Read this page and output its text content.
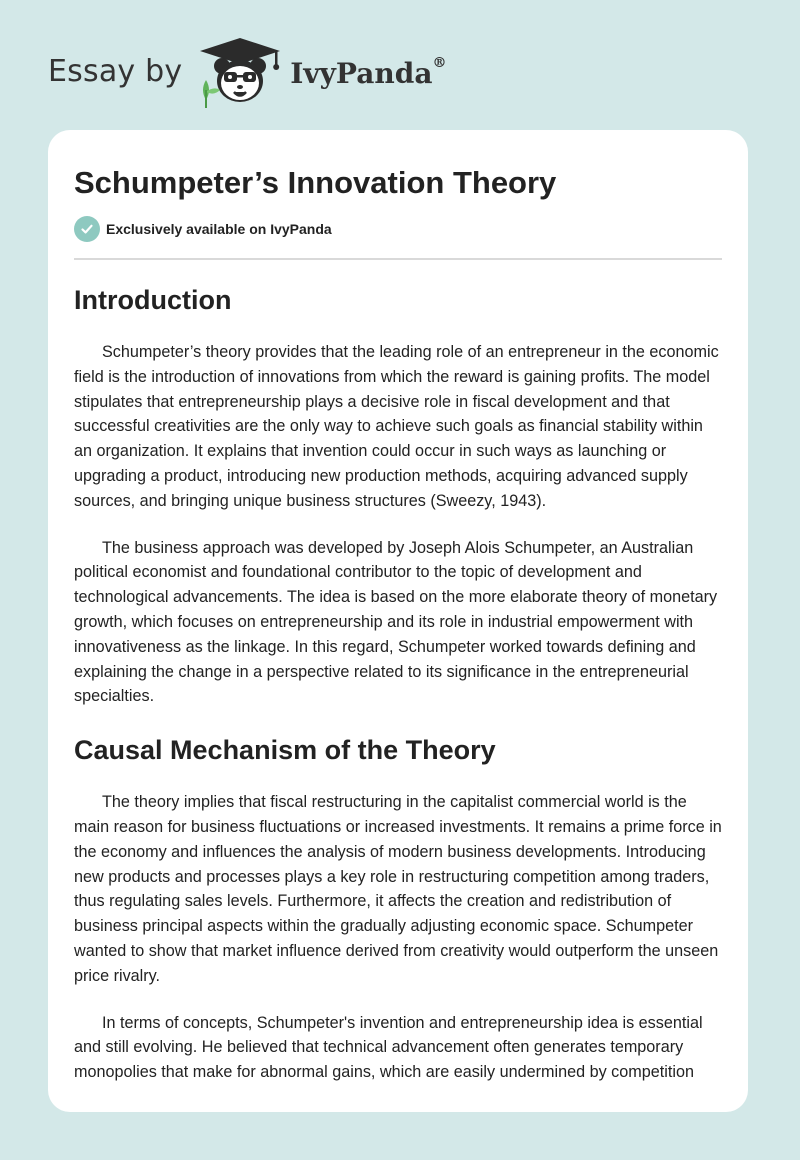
Essay by	IvyPanda®
Schumpeter’s Innovation Theory
Exclusively available on IvyPanda
Introduction

Schumpeter’s theory provides that the leading role of an entrepreneur in the economic field is the introduction of innovations from which the reward is gaining profits. The model stipulates that entrepreneurship plays a decisive role in fiscal development and that successful creativities are the only way to achieve such goals as financial stability within an organization. It explains that invention could occur in such ways as launching or upgrading a product, introducing new production methods, acquiring advanced supply sources, and bringing unique business structures (Sweezy, 1943).

The business approach was developed by Joseph Alois Schumpeter, an Australian political economist and foundational contributor to the topic of development and technological advancements. The idea is based on the more elaborate theory of monetary growth, which focuses on entrepreneurship and its role in industrial empowerment with innovativeness as the linkage. In this regard, Schumpeter worked towards defining and explaining the change in a perspective related to its significance in the entrepreneurial specialties.

Causal Mechanism of the Theory

The theory implies that fiscal restructuring in the capitalist commercial world is the main reason for business fluctuations or increased investments. It remains a prime force in the economy and influences the analysis of modern business developments. Introducing new products and processes plays a key role in restructuring competition among traders, thus regulating sales levels. Furthermore, it affects the creation and redistribution of business principal aspects within the gradually adjusting economic space. Schumpeter wanted to show that market influence derived from creativity would outperform the unseen price rivalry.

In terms of concepts, Schumpeter's invention and entrepreneurship idea is essential and still evolving. He believed that technical advancement often generates temporary monopolies that make for abnormal gains, which are easily undermined by competition
